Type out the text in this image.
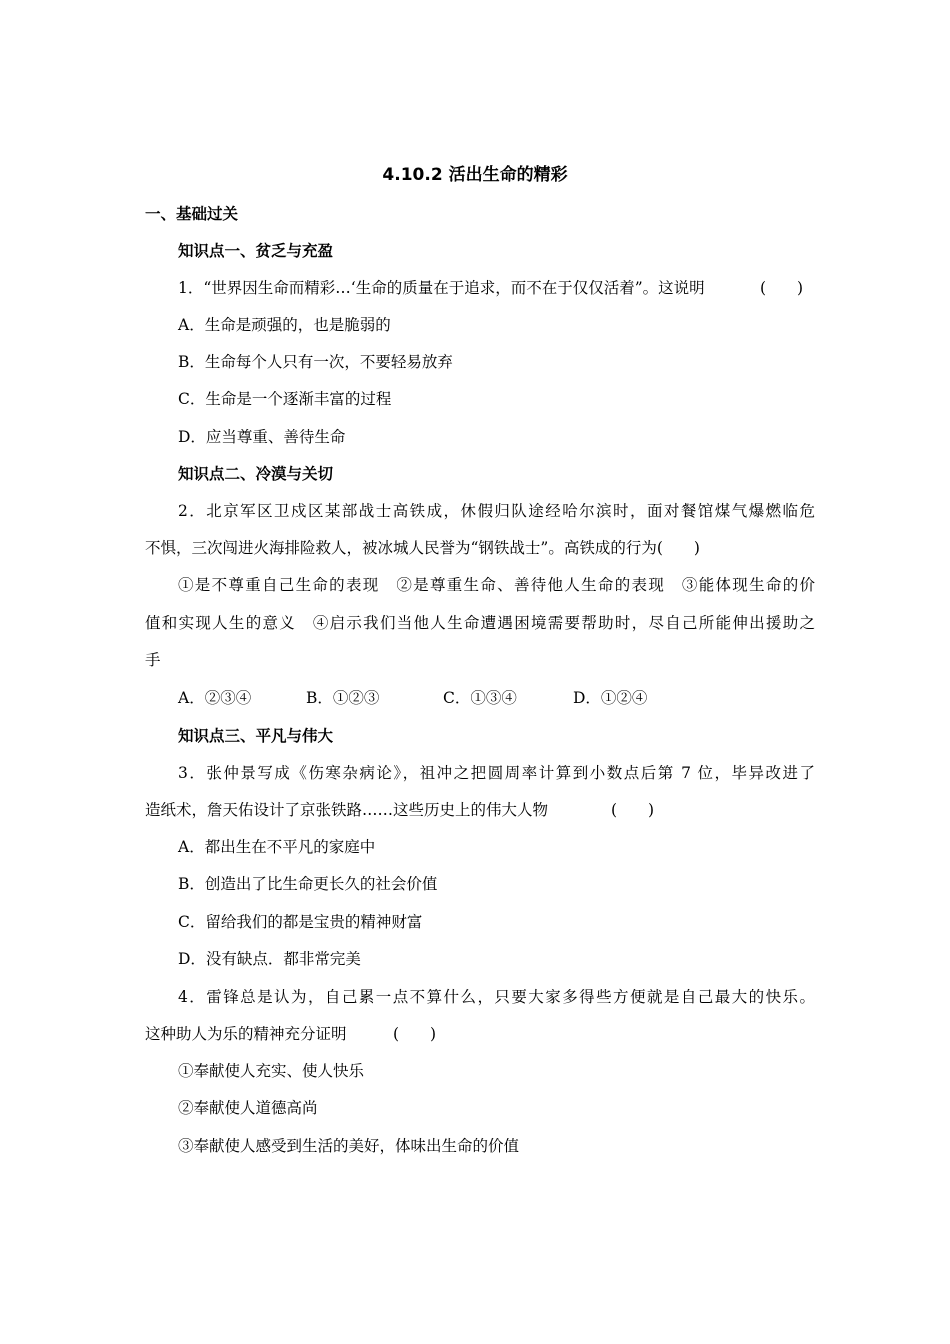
4.10.2 活出生命的精彩
一、基础过关
知识点一、贫乏与充盈
1．“世界因生命而精彩…‘生命的质量在于追求，而不在于仅仅活着”。这说明	(　　)
A．生命是顽强的，也是脆弱的
B．生命每个人只有一次，不要轻易放弃
C．生命是一个逐渐丰富的过程
D．应当尊重、善待生命
知识点二、冷漠与关切
2．北京军区卫戍区某部战士高铁成，休假归队途经哈尔滨时，面对餐馆煤气爆燃临危
不惧，三次闯进火海排险救人，被冰城人民誉为“钢铁战士”。高铁成的行为(　　)
①是不尊重自己生命的表现　②是尊重生命、善待他人生命的表现　③能体现生命的价
值和实现人生的意义　④启示我们当他人生命遭遇困境需要帮助时，尽自己所能伸出援助之
手
A．②③④	B．①②③	C．①③④	D．①②④
知识点三、平凡与伟大
3．张仲景写成《伤寒杂病论》，祖冲之把圆周率计算到小数点后第 7 位，毕异改进了
造纸术，詹天佑设计了京张铁路……这些历史上的伟大人物	(　　)
A．都出生在不平凡的家庭中
B．创造出了比生命更长久的社会价值
C．留给我们的都是宝贵的精神财富
D．没有缺点．都非常完美
4．雷锋总是认为，自己累一点不算什么，只要大家多得些方便就是自己最大的快乐。
这种助人为乐的精神充分证明	(　　)
①奉献使人充实、使人快乐
②奉献使人道德高尚
③奉献使人感受到生活的美好，体味出生命的价值
